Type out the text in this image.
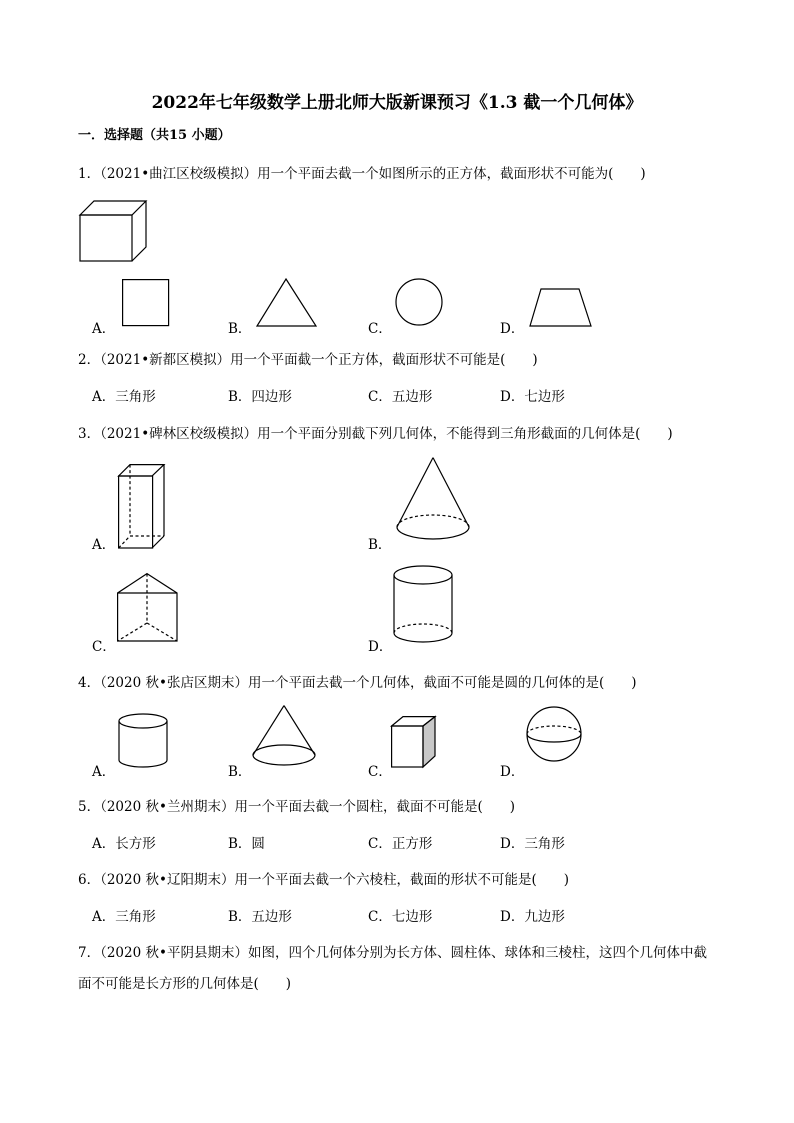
2022年七年级数学上册北师大版新课预习《1.3 截一个几何体》
一．选择题（共15 小题）
1．（2021•曲江区校级模拟）用一个平面去截一个如图所示的正方体，截面形状不可能为(　　)
A．	B．	C．	D．
2．（2021•新都区模拟）用一个平面截一个正方体，截面形状不可能是(　　)
A．三角形	B．四边形	C．五边形	D．七边形
3．（2021•碑林区校级模拟）用一个平面分别截下列几何体，不能得到三角形截面的几何体是(　　)
A．	B．
C．	D．
4．（2020 秋•张店区期末）用一个平面去截一个几何体，截面不可能是圆的几何体的是(　　)
A．	B．	C．	D．
5．（2020 秋•兰州期末）用一个平面去截一个圆柱，截面不可能是(　　)
A．长方形	B．圆	C．正方形	D．三角形
6．（2020 秋•辽阳期末）用一个平面去截一个六棱柱，截面的形状不可能是(　　)
A．三角形	B．五边形	C．七边形	D．九边形
7．（2020 秋•平阴县期末）如图，四个几何体分别为长方体、圆柱体、球体和三棱柱，这四个几何体中截
面不可能是长方形的几何体是(　　)
